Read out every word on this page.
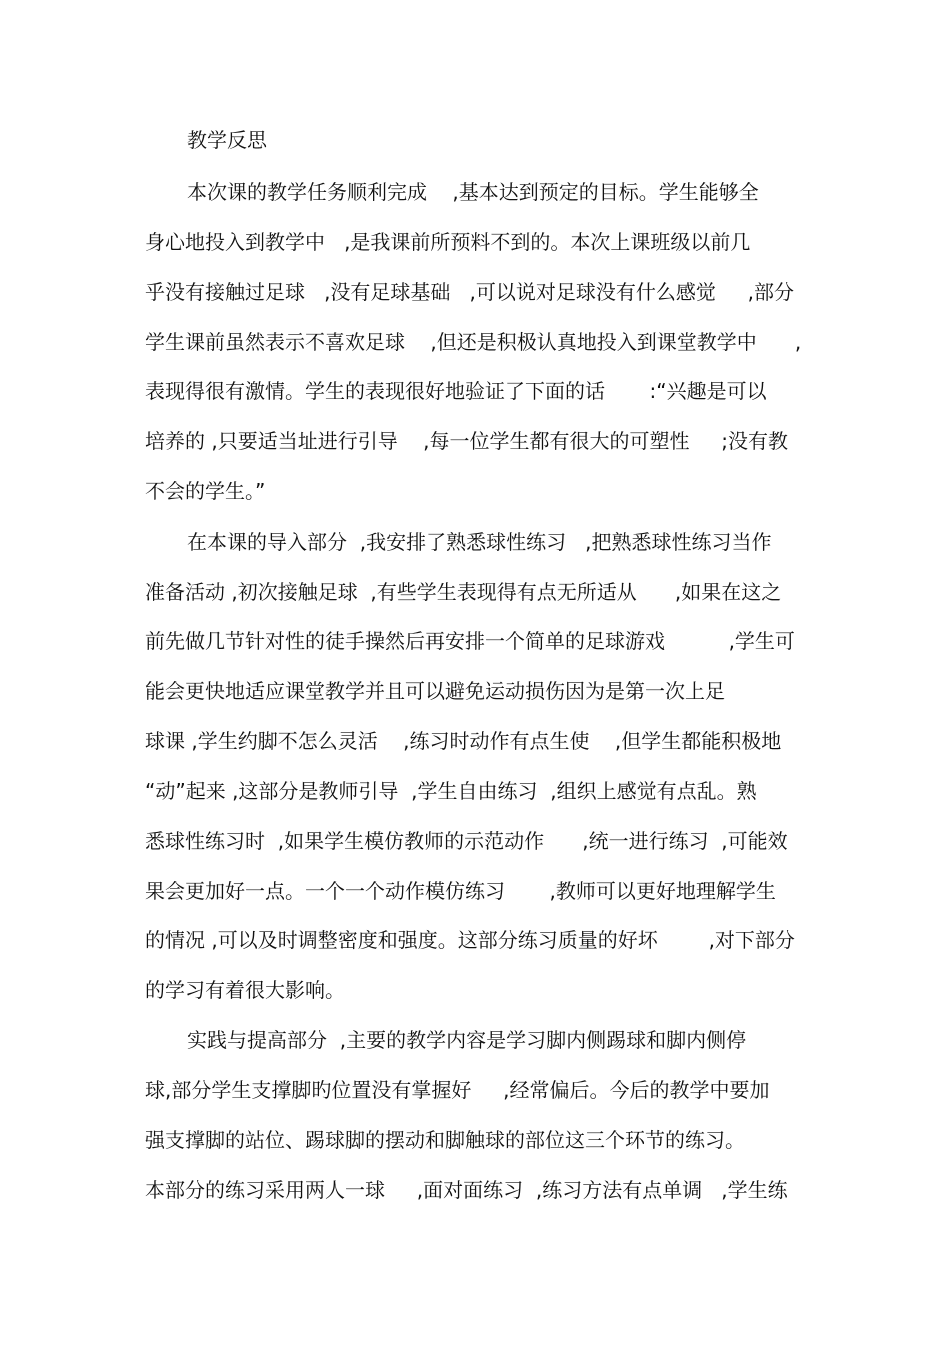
教学反思
本次课的教学任务顺利完成    ,基本达到预定的目标。学生能够全
身心地投入到教学中   ,是我课前所预料不到的。本次上课班级以前几
乎没有接触过足球   ,没有足球基础   ,可以说对足球没有什么感觉     ,部分
学生课前虽然表示不喜欢足球    ,但还是积极认真地投入到课堂教学中      ,
表现得很有激情。学生的表现很好地验证了下面的话       :“兴趣是可以
培养的 ,只要适当址进行引导    ,每一位学生都有很大的可塑性     ;没有教
不会的学生。”
在本课的导入部分  ,我安排了熟悉球性练习   ,把熟悉球性练习当作
准备活动 ,初次接触足球  ,有些学生表现得有点无所适从      ,如果在这之
前先做几节针对性的徒手操然后再安排一个简单的足球游戏          ,学生可
能会更快地适应课堂教学并且可以避免运动损伤因为是第一次上足
球课 ,学生约脚不怎么灵活    ,练习时动作有点生使    ,但学生都能积极地
“动”起来 ,这部分是教师引导  ,学生自由练习  ,组织上感觉有点乱。熟
悉球性练习时  ,如果学生模仿教师的示范动作      ,统一进行练习  ,可能效
果会更加好一点。一个一个动作模仿练习       ,教师可以更好地理解学生
的情况 ,可以及时调整密度和强度。这部分练习质量的好坏        ,对下部分
的学习有着很大影响。
实践与提高部分  ,主要的教学内容是学习脚内侧踢球和脚内侧停
球,部分学生支撑脚旳位置没有掌握好     ,经常偏后。今后的教学中要加
强支撑脚的站位、踢球脚的摆动和脚触球的部位这三个环节的练习。
本部分的练习采用两人一球     ,面对面练习  ,练习方法有点单调   ,学生练
